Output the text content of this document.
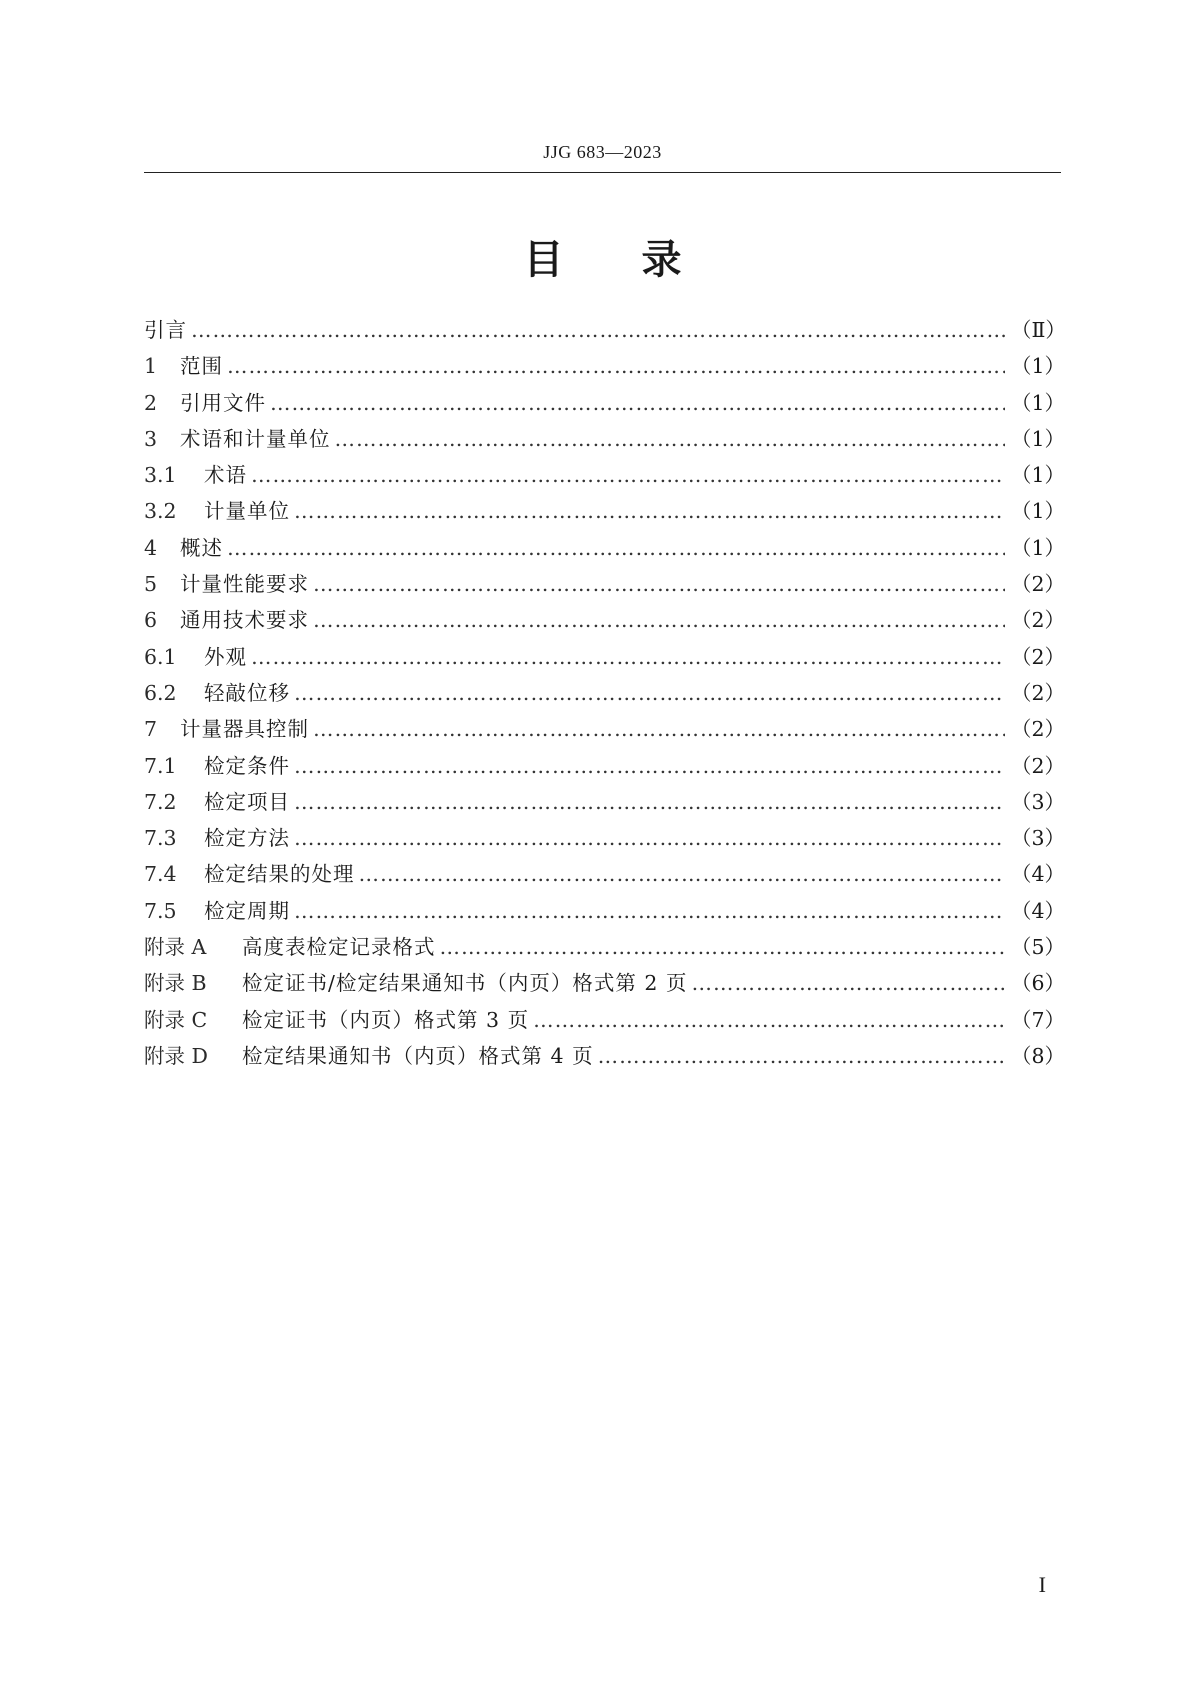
JJG 683—2023
目录
引言 …………………………………………………………………………………………………………………………………………………………………………………………	（Ⅱ）
1	范围 …………………………………………………………………………………………………………………………………………………………………………………………	（1）
2	引用文件 …………………………………………………………………………………………………………………………………………………………………………………………	（1）
3	术语和计量单位 …………………………………………………………………………………………………………………………………………………………………………………………	（1）
3.1	术语 …………………………………………………………………………………………………………………………………………………………………………………………	（1）
3.2	计量单位 …………………………………………………………………………………………………………………………………………………………………………………………	（1）
4	概述 …………………………………………………………………………………………………………………………………………………………………………………………	（1）
5	计量性能要求 …………………………………………………………………………………………………………………………………………………………………………………………	（2）
6	通用技术要求 …………………………………………………………………………………………………………………………………………………………………………………………	（2）
6.1	外观 …………………………………………………………………………………………………………………………………………………………………………………………	（2）
6.2	轻敲位移 …………………………………………………………………………………………………………………………………………………………………………………………	（2）
7	计量器具控制 …………………………………………………………………………………………………………………………………………………………………………………………	（2）
7.1	检定条件 …………………………………………………………………………………………………………………………………………………………………………………………	（2）
7.2	检定项目 …………………………………………………………………………………………………………………………………………………………………………………………	（3）
7.3	检定方法 …………………………………………………………………………………………………………………………………………………………………………………………	（3）
7.4	检定结果的处理 …………………………………………………………………………………………………………………………………………………………………………………………	（4）
7.5	检定周期 …………………………………………………………………………………………………………………………………………………………………………………………	（4）
附录 A	高度表检定记录格式 …………………………………………………………………………………………………………………………………………………………………………………………	（5）
附录 B	检定证书/检定结果通知书（内页）格式第 2 页 …………………………………………………………………………………………………………………………………………………………………………………………	（6）
附录 C	检定证书（内页）格式第 3 页 …………………………………………………………………………………………………………………………………………………………………………………………	（7）
附录 D	检定结果通知书（内页）格式第 4 页 …………………………………………………………………………………………………………………………………………………………………………………………	（8）
I
